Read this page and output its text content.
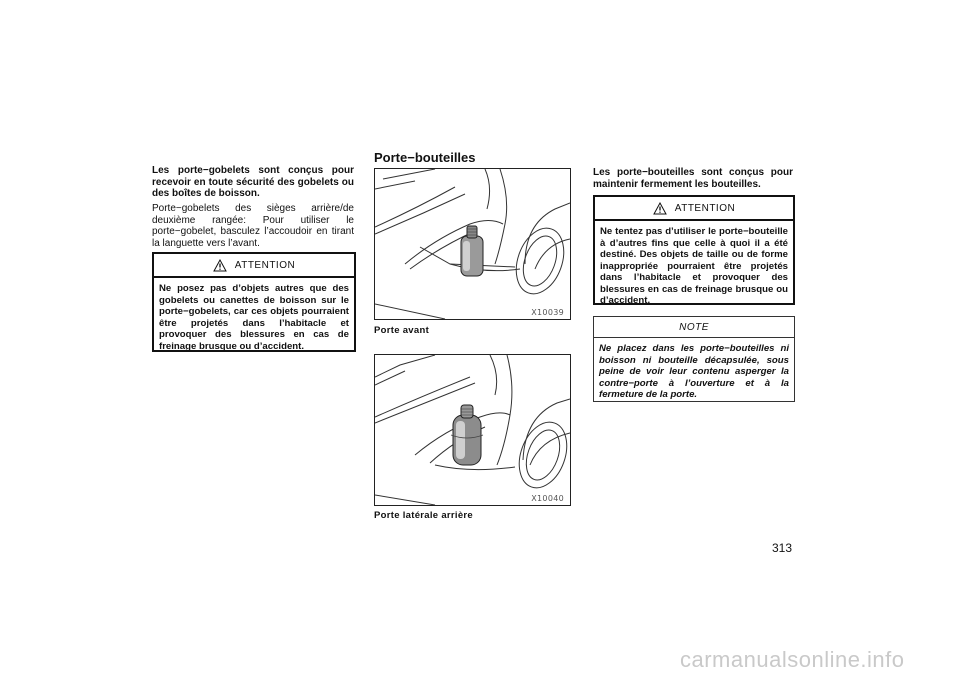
Les porte−gobelets sont conçus pour recevoir en toute sécurité des gobelets ou des boîtes de boisson.

Porte−gobelets des sièges arrière/de deuxième rangée: Pour utiliser le porte−gobelet, basculez l’accoudoir en tirant la languette vers l’avant.

ATTENTION
Ne posez pas d’objets autres que des gobelets ou canettes de boisson sur le porte−gobelets, car ces objets pourraient être projetés dans l’habitacle et provoquer des blessures en cas de freinage brusque ou d’accident.
Porte−bouteilles
X10039
Porte avant
X10040
Porte latérale arrière

Les porte−bouteilles sont conçus pour maintenir fermement les bouteilles.

ATTENTION
Ne tentez pas d’utiliser le porte−bouteille à d’autres fins que celle à quoi il a été destiné. Des objets de taille ou de forme inappropriée pourraient être projetés dans l’habitacle et provoquer des blessures en cas de freinage brusque ou d’accident.
NOTE
Ne placez dans les porte−bouteilles ni boisson ni bouteille décapsulée, sous peine de voir leur contenu asperger la contre−porte à l’ouverture et à la fermeture de la porte.
313
carmanualsonline.info
